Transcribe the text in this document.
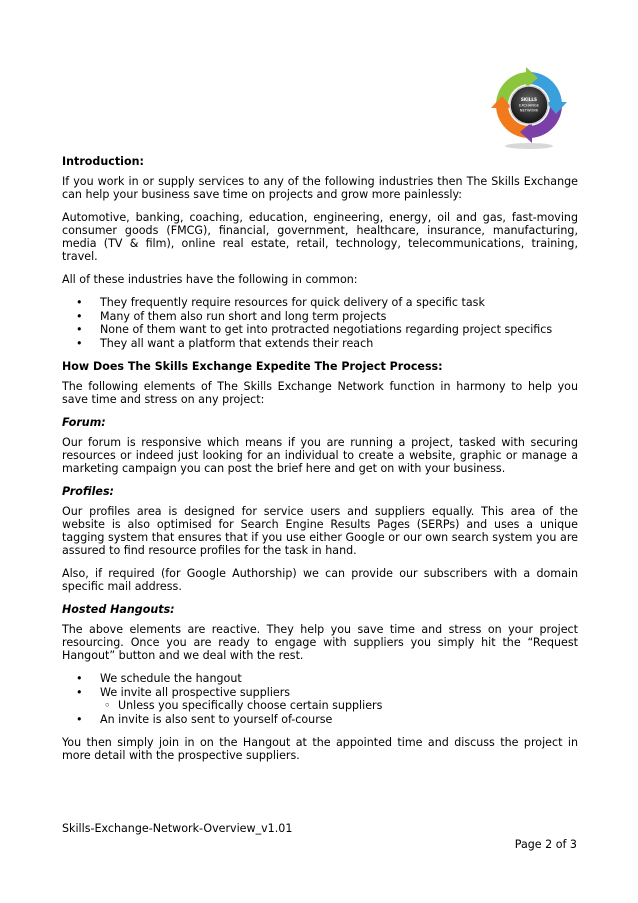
SKILLS
EXCHANGE
NETWORK
Introduction:

If you work in or supply services to any of the following industries then The Skills Exchange can help your business save time on projects and grow more painlessly:

Automotive, banking, coaching, education, engineering, energy, oil and gas, fast-moving consumer goods (FMCG), financial, government, healthcare, insurance, manufacturing, media (TV & film), online real estate, retail, technology, telecommunications, training, travel.

All of these industries have the following in common:

• They frequently require resources for quick delivery of a specific task
• Many of them also run short and long term projects
• None of them want to get into protracted negotiations regarding project specifics
• They all want a platform that extends their reach
How Does The Skills Exchange Expedite The Project Process:

The following elements of The Skills Exchange Network function in harmony to help you save time and stress on any project:

Forum:

Our forum is responsive which means if you are running a project, tasked with securing resources or indeed just looking for an individual to create a website, graphic or manage a marketing campaign you can post the brief here and get on with your business.

Profiles:

Our profiles area is designed for service users and suppliers equally. This area of the website is also optimised for Search Engine Results Pages (SERPs) and uses a unique tagging system that ensures that if you use either Google or our own search system you are assured to find resource profiles for the task in hand.

Also, if required (for Google Authorship) we can provide our subscribers with a domain specific mail address.

Hosted Hangouts:

The above elements are reactive. They help you save time and stress on your project resourcing. Once you are ready to engage with suppliers you simply hit the “Request Hangout” button and we deal with the rest.

• We schedule the hangout
• We invite all prospective suppliers
◦ Unless you specifically choose certain suppliers
• An invite is also sent to yourself of-course

You then simply join in on the Hangout at the appointed time and discuss the project in more detail with the prospective suppliers.

Skills-Exchange-Network-Overview_v1.01
Page 2 of 3
